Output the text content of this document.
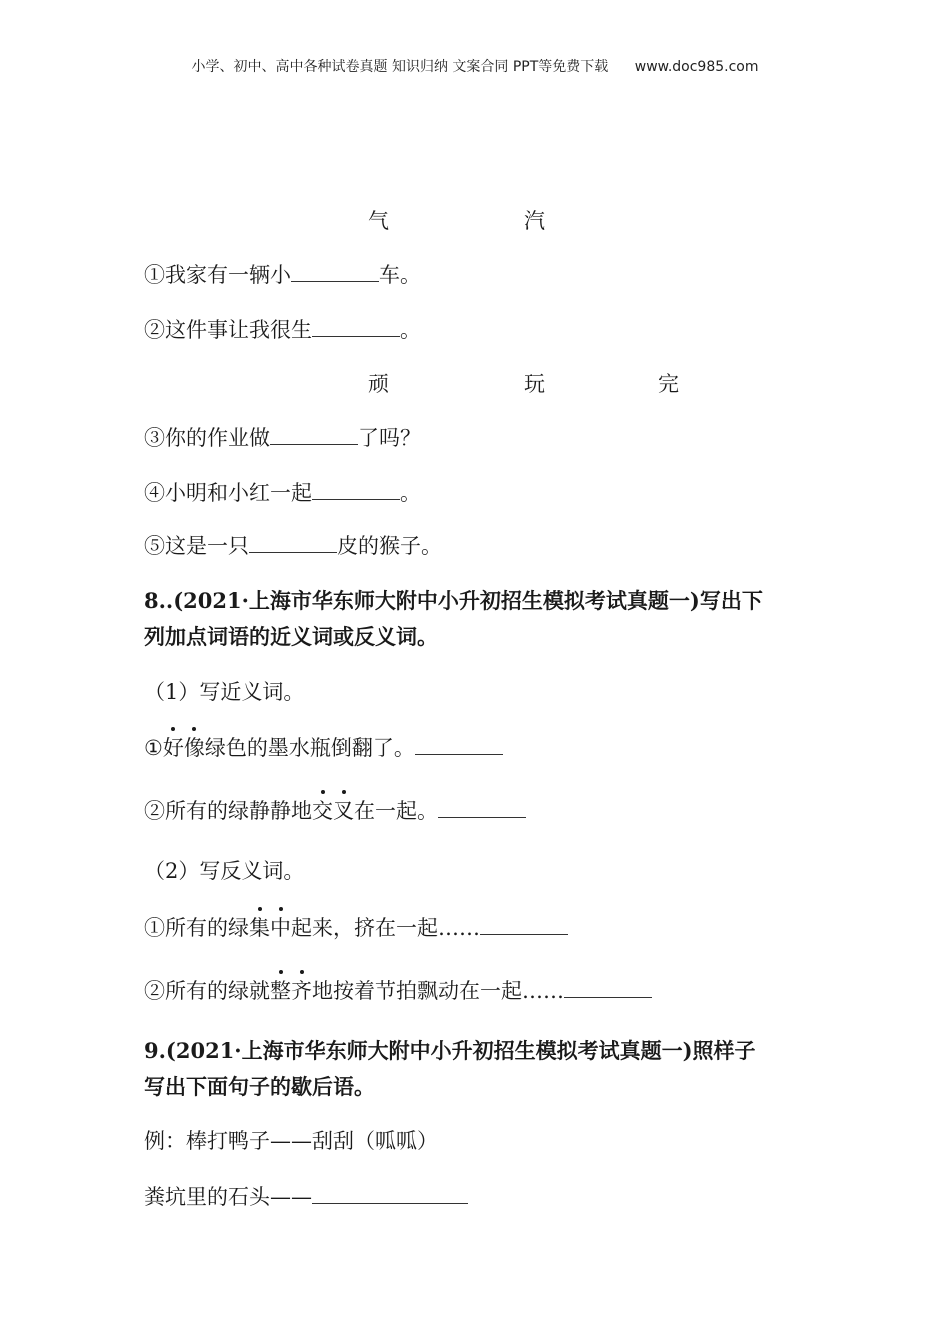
小学、初中、高中各种试卷真题 知识归纳 文案合同 PPT等免费下载 www.doc985.com
气	汽
①我家有一辆小	车。
②这件事让我很生	。
顽	玩	完
③你的作业做	了吗？
④小明和小红一起	。
⑤这是一只	皮的猴子。
8..(2021·上海市华东师大附中小升初招生模拟考试真题一)写出下
列加点词语的近义词或反义词。
（1）写近义词。
①好像绿色的墨水瓶倒翻了。
②所有的绿静静地交叉在一起。
（2）写反义词。
①所有的绿集中起来，挤在一起……
②所有的绿就整齐地按着节拍飘动在一起……
9.(2021·上海市华东师大附中小升初招生模拟考试真题一)照样子
写出下面句子的歇后语。
例：棒打鸭子——刮刮（呱呱）
粪坑里的石头——
